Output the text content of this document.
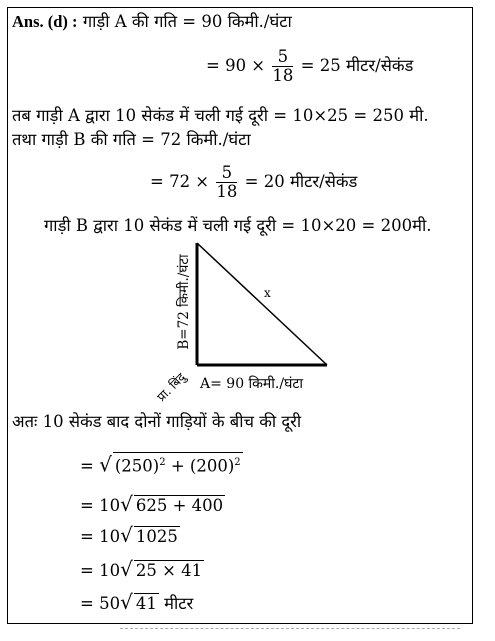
Ans. (d) : गाड़ी A की गति = 90 किमी./घंटा
= $90 \times \frac{5}{18} = 25$ मीटर/सेकंड
तब गाड़ी A द्वारा 10 सेकंड में चली गई दूरी = 10×25 = 250 मी.
तथा गाड़ी B की गति = 72 किमी./घंटा
= $72 \times \frac{5}{18} = 20$ मीटर/सेकंड
गाड़ी B द्वारा 10 सेकंड में चली गई दूरी = 10×20 = 200मी.
B=72 किमी./घंटा	x
A= 90 किमी./घंटा
प्रा. बिंदु
अतः 10 सेकंड बाद दोनों गाड़ियों के बीच की दूरी
= √ $(250)^2 + (200)^2$
= 10√ 625 + 400
= 10√ 1025
= 10√ 25 × 41
= 50√ 41 मीटर
